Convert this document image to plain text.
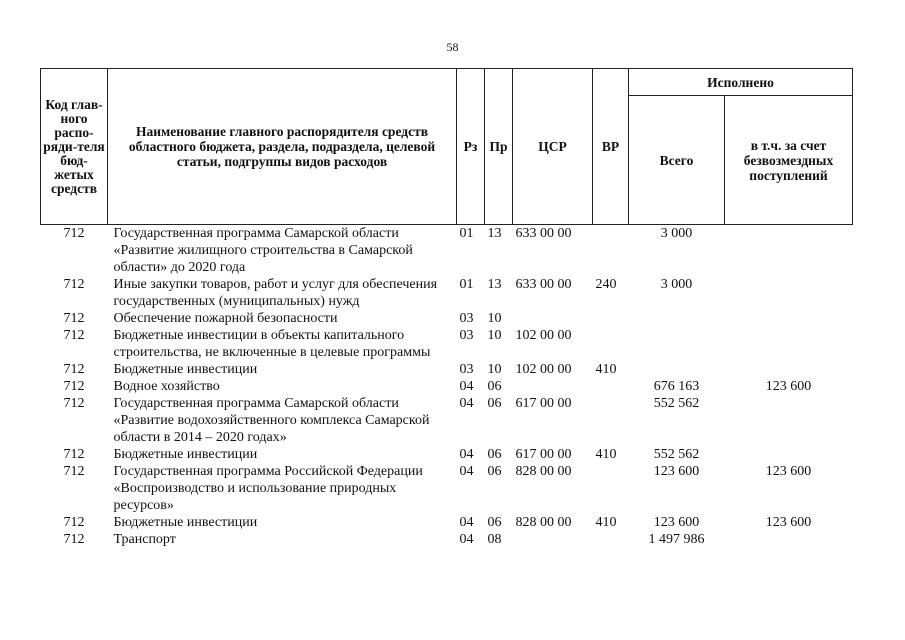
58
Код глав-ного распо-ряди-теля бюд-жетых средств	Наименование главного распорядителя средств областного бюджета, раздела, подраздела, целевой статьи, подгруппы видов расходов	Рз	Пр	ЦСР	ВР	Исполнено	
						Всего	в т.ч. за счет безвозмездных поступлений
712	Государственная программа Самарской области «Развитие жилищного строительства в Самарской области» до 2020 года	01	13	633 00 00		3 000	
712	Иные закупки товаров, работ и услуг для обеспечения государственных (муниципальных) нужд	01	13	633 00 00	240	3 000	
712	Обеспечение пожарной безопасности	03	10				
712	Бюджетные инвестиции в объекты капитального строительства, не включенные в целевые программы	03	10	102 00 00			
712	Бюджетные инвестиции	03	10	102 00 00	410		
712	Водное хозяйство	04	06			676 163	123 600
712	Государственная программа Самарской области «Развитие водохозяйственного комплекса Самарской области в 2014 – 2020 годах»	04	06	617 00 00		552 562	
712	Бюджетные инвестиции	04	06	617 00 00	410	552 562	
712	Государственная программа Российской Федерации «Воспроизводство и использование природных ресурсов»	04	06	828 00 00		123 600	123 600
712	Бюджетные инвестиции	04	06	828 00 00	410	123 600	123 600
712	Транспорт	04	08			1 497 986	
